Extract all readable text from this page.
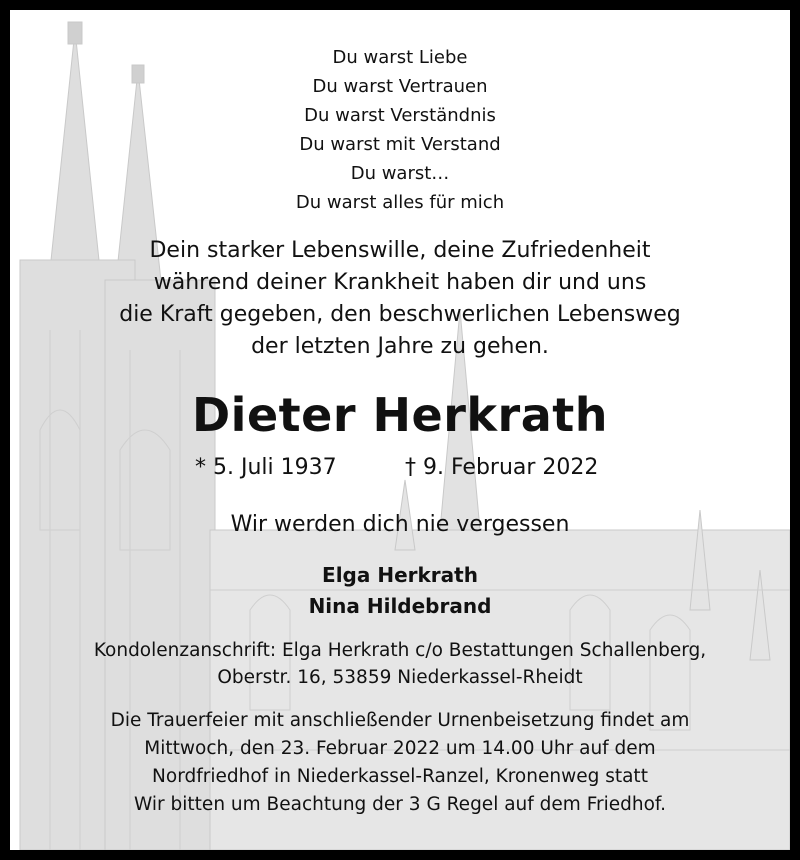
Du warst Liebe
Du warst Vertrauen
Du warst Verständnis
Du warst mit Verstand
Du warst…
Du warst alles für mich
Dein starker Lebenswille, deine Zufriedenheit
während deiner Krankheit haben dir und uns
die Kraft gegeben, den beschwerlichen Lebensweg
der letzten Jahre zu gehen.
Dieter Herkrath
* 5. Juli 1937	† 9. Februar 2022
Wir werden dich nie vergessen
Elga Herkrath
Nina Hildebrand
Kondolenzanschrift: Elga Herkrath c/o Bestattungen Schallenberg,
Oberstr. 16, 53859 Niederkassel-Rheidt
Die Trauerfeier mit anschließender Urnenbeisetzung findet am
Mittwoch, den 23. Februar 2022 um 14.00 Uhr auf dem
Nordfriedhof in Niederkassel-Ranzel, Kronenweg statt
Wir bitten um Beachtung der 3 G Regel auf dem Friedhof.
